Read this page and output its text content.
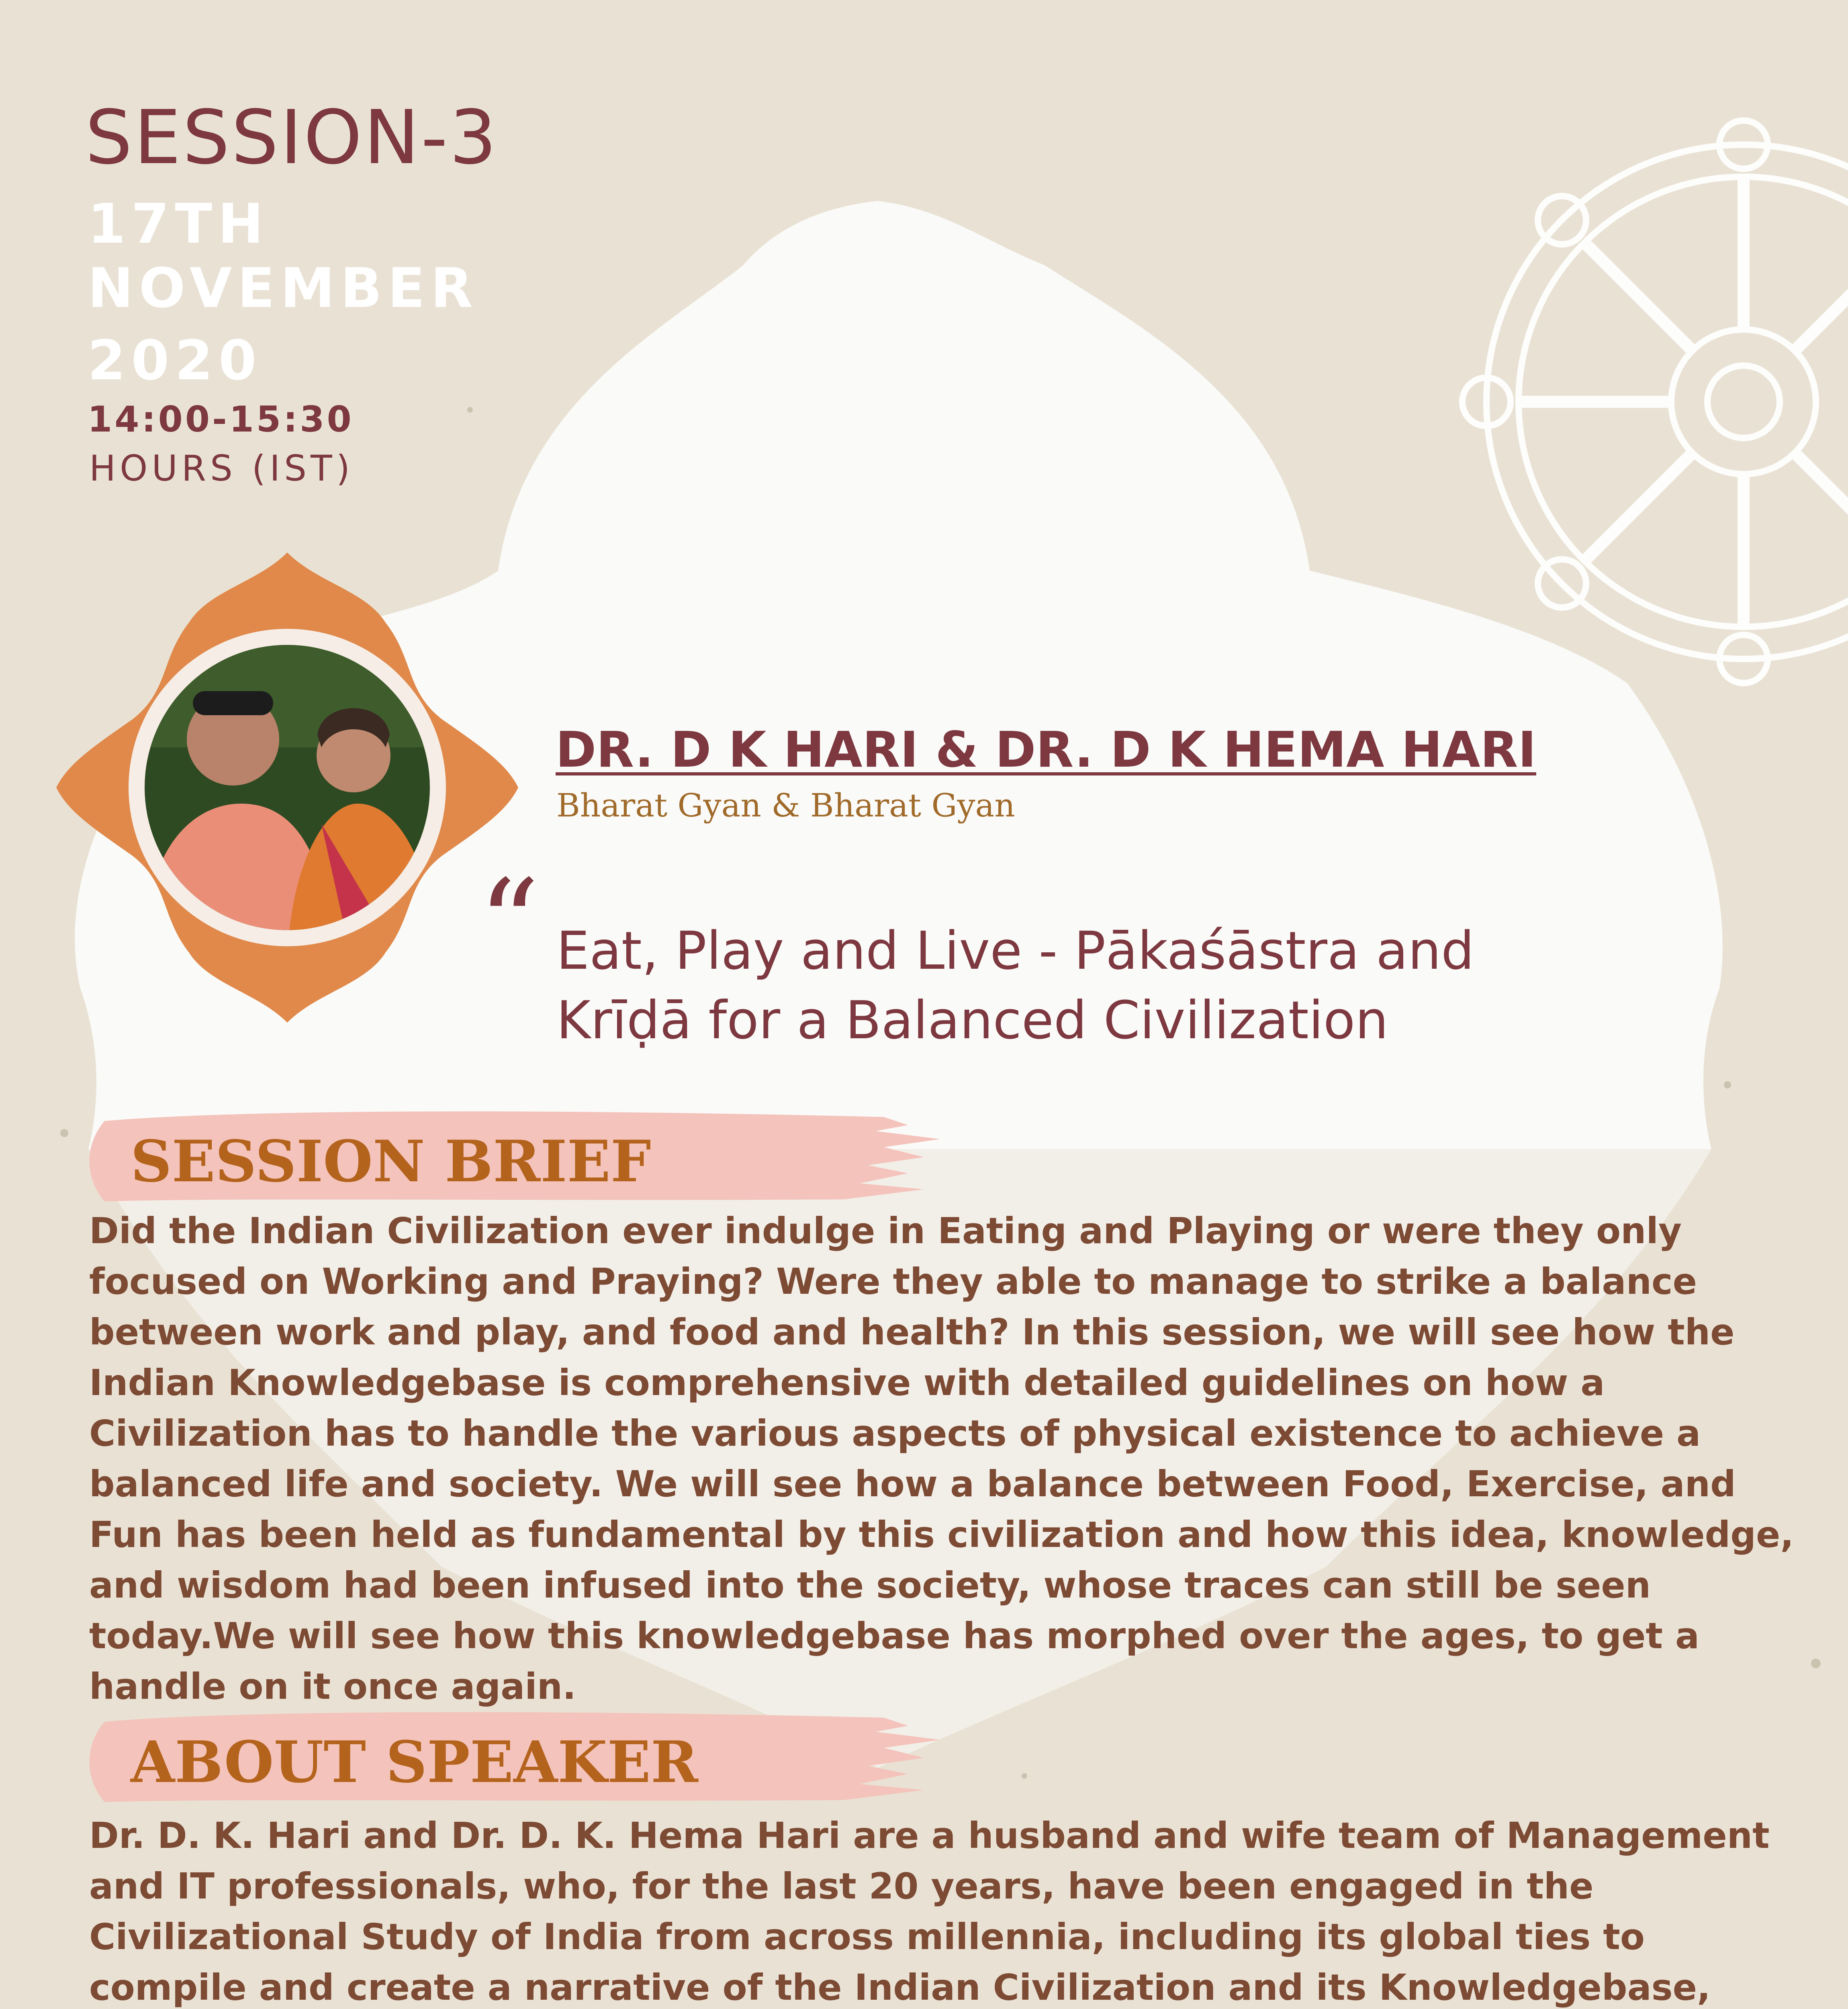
SESSION-3
17TH
NOVEMBER
2020
14:00-15:30
HOURS (IST)
DR. D K HARI & DR. D K HEMA HARI
Bharat Gyan & Bharat Gyan
“ Eat, Play and Live - Pākaśāstra and Krīḍā for a Balanced Civilization
SESSION BRIEF

Did the Indian Civilization ever indulge in Eating and Playing or were they only focused on Working and Praying? Were they able to manage to strike a balance between work and play, and food and health? In this session, we will see how the Indian Knowledgebase is comprehensive with detailed guidelines on how a Civilization has to handle the various aspects of physical existence to achieve a balanced life and society. We will see how a balance between Food, Exercise, and Fun has been held as fundamental by this civilization and how this idea, knowledge, and wisdom had been infused into the society, whose traces can still be seen today.We will see how this knowledgebase has morphed over the ages, to get a handle on it once again.

ABOUT SPEAKER

Dr. D. K. Hari and Dr. D. K. Hema Hari are a husband and wife team of Management and IT professionals, who, for the last 20 years, have been engaged in the Civilizational Study of India from across millennia, including its global ties to compile and create a narrative of the Indian Civilization and its Knowledgebase,
